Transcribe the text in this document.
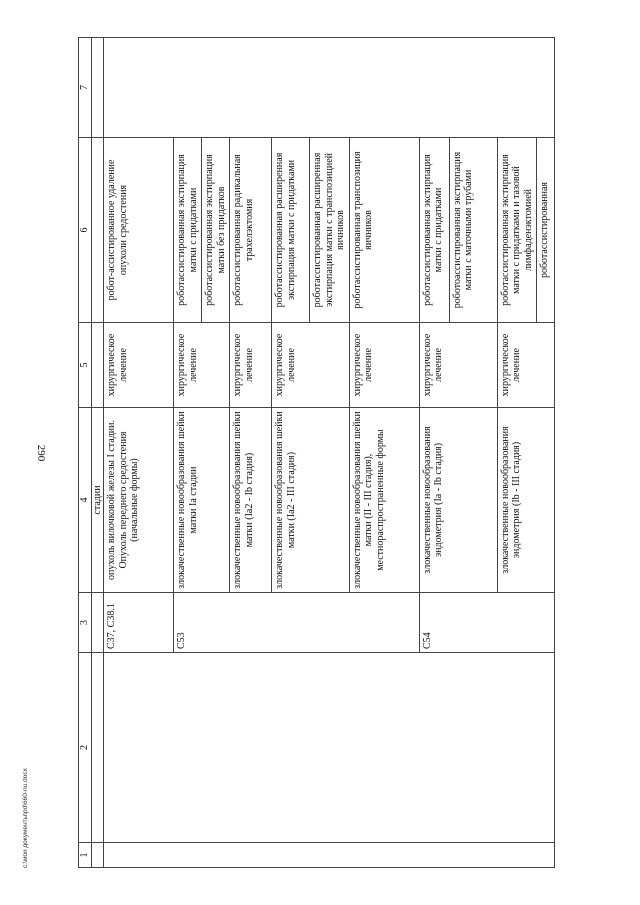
290
1	2	3	4	5	6	7
			стадии			
		C37, C38.1	опухоль вилочковой железы I стадии. Опухоль переднего средостения (начальные формы)	хирургическое лечение	робот-ассистированное удаление опухоли средостения	
		C53	злокачественные новообразования шейки матки Ia стадии	хирургическое лечение	роботассистированная экстирпация матки с придатками	
					роботассистированная экстирпация матки без придатков	
			злокачественные новообразования шейки матки (Ia2 - Ib стадия)	хирургическое лечение	роботассистированная радикальная трахелэктомия	
			злокачественные новообразования шейки матки (Ia2 - III стадия)	хирургическое лечение	роботассистированная расширенная экстирпация матки с придатками	
					роботассистированная расширенная экстирпация матки с транспозицией яичников	
			злокачественные новообразования шейки матки (II - III стадия), местнораспространенные формы	хирургическое лечение	роботассистированная транспозиция яичников	
		C54	злокачественные новообразования эндометрия (Ia - Ib стадия)	хирургическое лечение	роботассистированная экстирпация матки с придатками	
					роботоассистированная экстирпация матки с маточными трубами	
			злокачественные новообразования эндометрия (Ib - III стадия)	хирургическое лечение	роботассистированная экстирпация матки с придатками и тазовой лимфаденэктомией	
					роботассистированная	
c:\мои документы\pd\660-nu.docx
